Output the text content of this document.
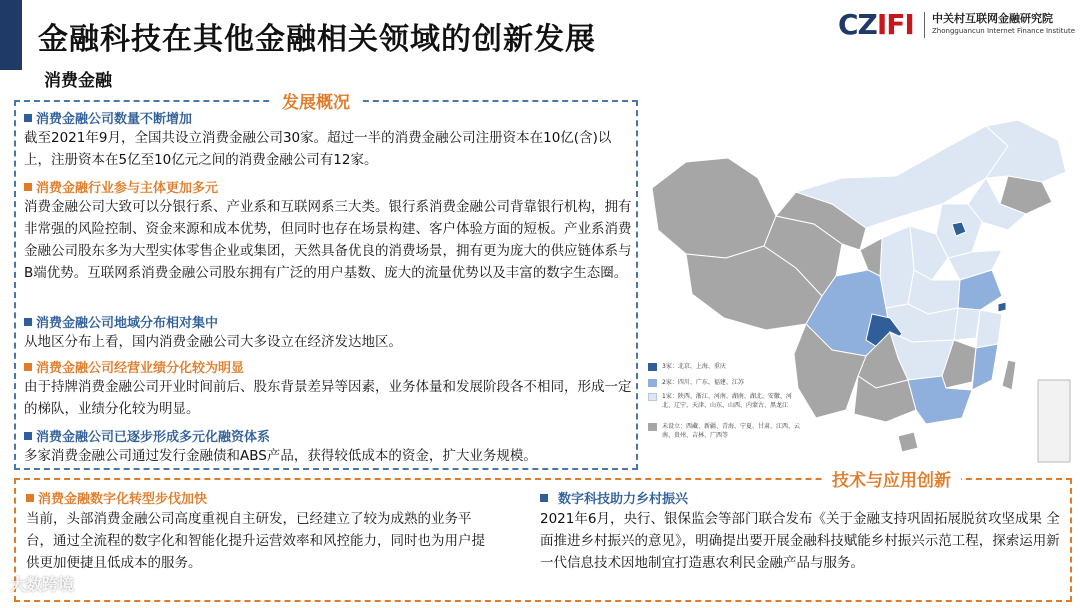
金融科技在其他金融相关领域的创新发展	CZIFI 中关村互联网金融研究院
Zhongguancun Internet Finance Institute
消费金融
发展概况
消费金融公司数量不断增加
截至2021年9月，全国共设立消费金融公司30家。超过一半的消费金融公司注册资本在10亿(含)以上，注册资本在5亿至10亿元之间的消费金融公司有12家。
消费金融行业参与主体更加多元
消费金融公司大致可以分银行系、产业系和互联网系三大类。银行系消费金融公司背靠银行机构，拥有非常强的风险控制、资金来源和成本优势，但同时也存在场景构建、客户体验方面的短板。产业系消费金融公司股东多为大型实体零售企业或集团，天然具备优良的消费场景，拥有更为庞大的供应链体系与B端优势。互联网系消费金融公司股东拥有广泛的用户基数、庞大的流量优势以及丰富的数字生态圈。
消费金融公司地域分布相对集中
从地区分布上看，国内消费金融公司大多设立在经济发达地区。
消费金融公司经营业绩分化较为明显
由于持牌消费金融公司开业时间前后、股东背景差异等因素，业务体量和发展阶段各不相同，形成一定的梯队，业绩分化较为明显。
消费金融公司已逐步形成多元化融资体系
多家消费金融公司通过发行金融债和ABS产品，获得较低成本的资金，扩大业务规模。
3家：北京、上海、重庆
2家：四川、广东、福建、江苏
1家：陕西、浙江、河南、湖南、湖北、安徽、河北、辽宁、天津、山东、山西、内蒙古、黑龙江
未设立：西藏、新疆、青海、宁夏、甘肃、江西、云南、贵州、吉林、广西等
技术与应用创新
消费金融数字化转型步伐加快
当前，头部消费金融公司高度重视自主研发，已经建立了较为成熟的业务平台，通过全流程的数字化和智能化提升运营效率和风控能力，同时也为用户提供更加便捷且低成本的服务。
数字科技助力乡村振兴
2021年6月，央行、银保监会等部门联合发布《关于金融支持巩固拓展脱贫攻坚成果 全面推进乡村振兴的意见》，明确提出要开展金融科技赋能乡村振兴示范工程，探索运用新一代信息技术因地制宜打造惠农利民金融产品与服务。
大数跨境
